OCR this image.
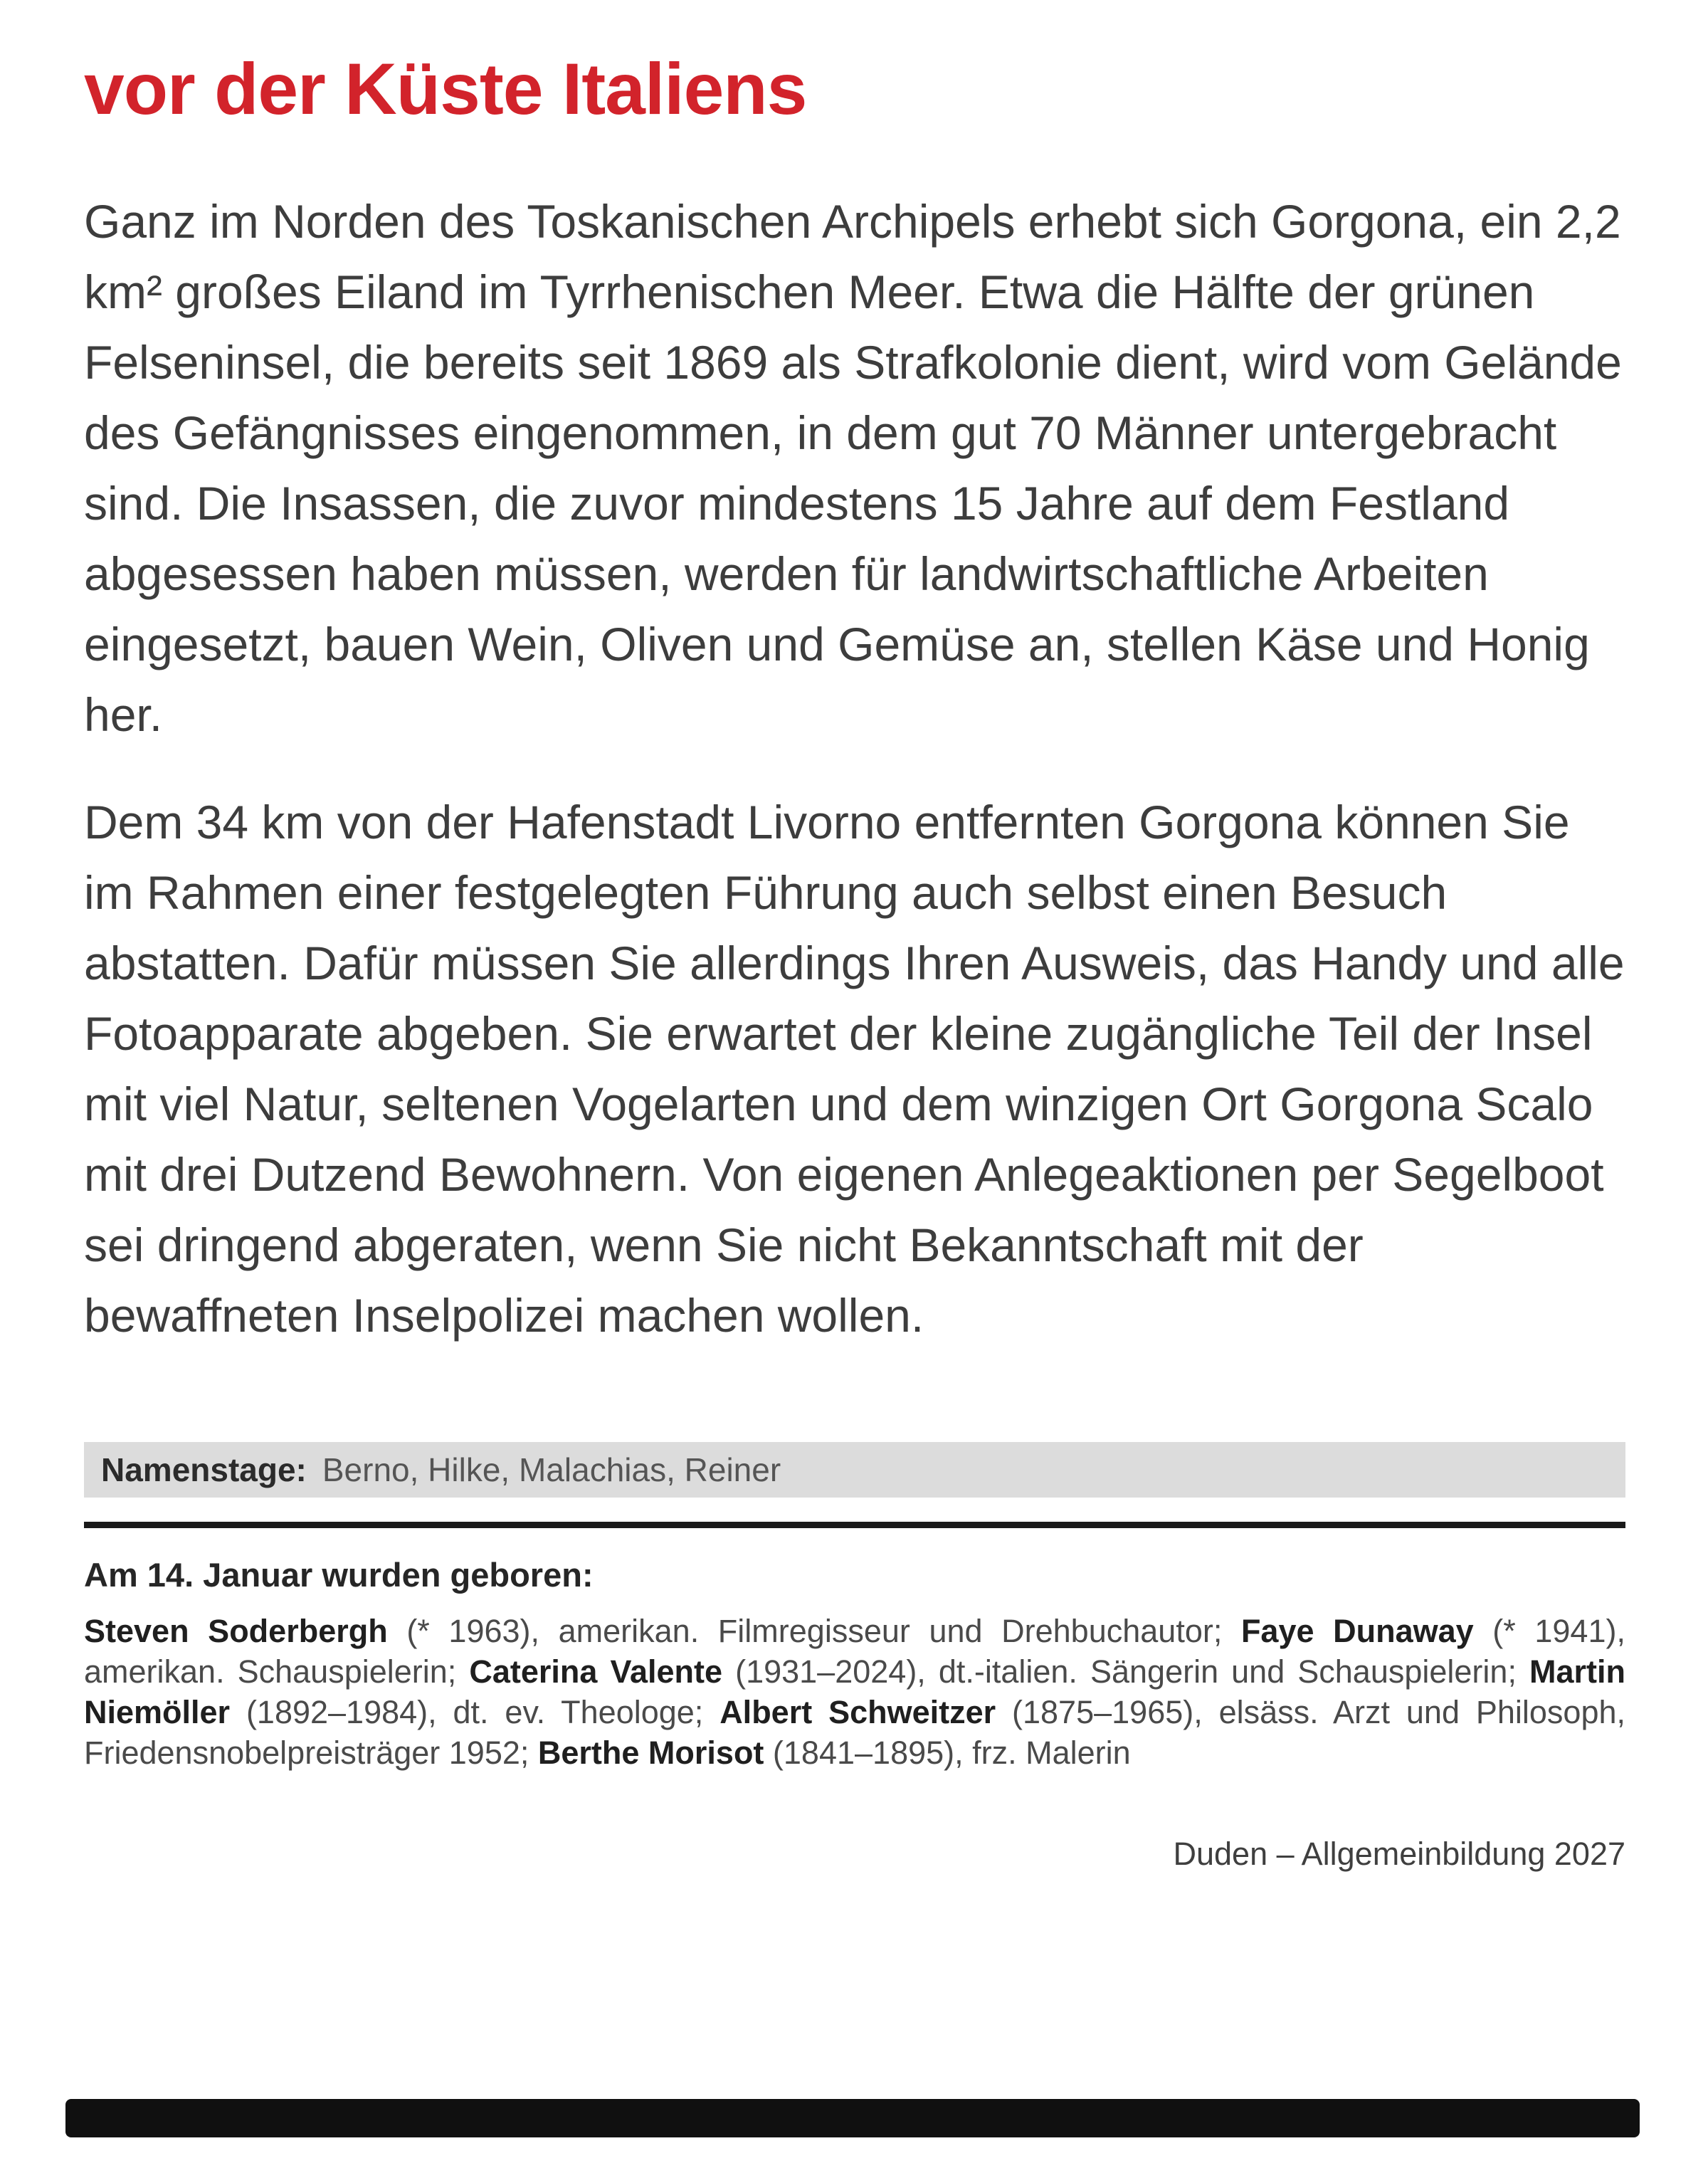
vor der Küste Italiens

Ganz im Norden des Toskanischen Archipels erhebt sich Gorgona, ein 2,2 km² großes Eiland im Tyrrhenischen Meer. Etwa die Hälfte der grünen Felseninsel, die bereits seit 1869 als Strafkolonie dient, wird vom Gelände des Gefängnisses eingenommen, in dem gut 70 Männer untergebracht sind. Die Insassen, die zuvor mindestens 15 Jahre auf dem Festland abgesessen haben müssen, werden für landwirtschaftliche Arbeiten eingesetzt, bauen Wein, Oliven und Gemüse an, stellen Käse und Honig her.

Dem 34 km von der Hafenstadt Livorno entfernten Gorgona können Sie im Rahmen einer festgelegten Führung auch selbst einen Besuch abstatten. Dafür müssen Sie allerdings Ihren Ausweis, das Handy und alle Fotoapparate abgeben. Sie erwartet der kleine zugängliche Teil der Insel mit viel Natur, seltenen Vogelarten und dem winzigen Ort Gorgona Scalo mit drei Dutzend Bewohnern. Von eigenen Anlegeaktionen per Segelboot sei dringend abgeraten, wenn Sie nicht Bekanntschaft mit der bewaffneten Inselpolizei machen wollen.

Namenstage: Berno, Hilke, Malachias, Reiner
Am 14. Januar wurden geboren:

Steven Soderbergh (* 1963), amerikan. Filmregisseur und Drehbuchautor; Faye Dunaway (* 1941), amerikan. Schauspielerin; Caterina Valente (1931–2024), dt.-italien. Sängerin und Schauspielerin; Martin Niemöller (1892–1984), dt. ev. Theologe; Albert Schweitzer (1875–1965), elsäss. Arzt und Philosoph, Friedensnobelpreisträger 1952; Berthe Morisot (1841–1895), frz. Malerin

Duden – Allgemeinbildung 2027
